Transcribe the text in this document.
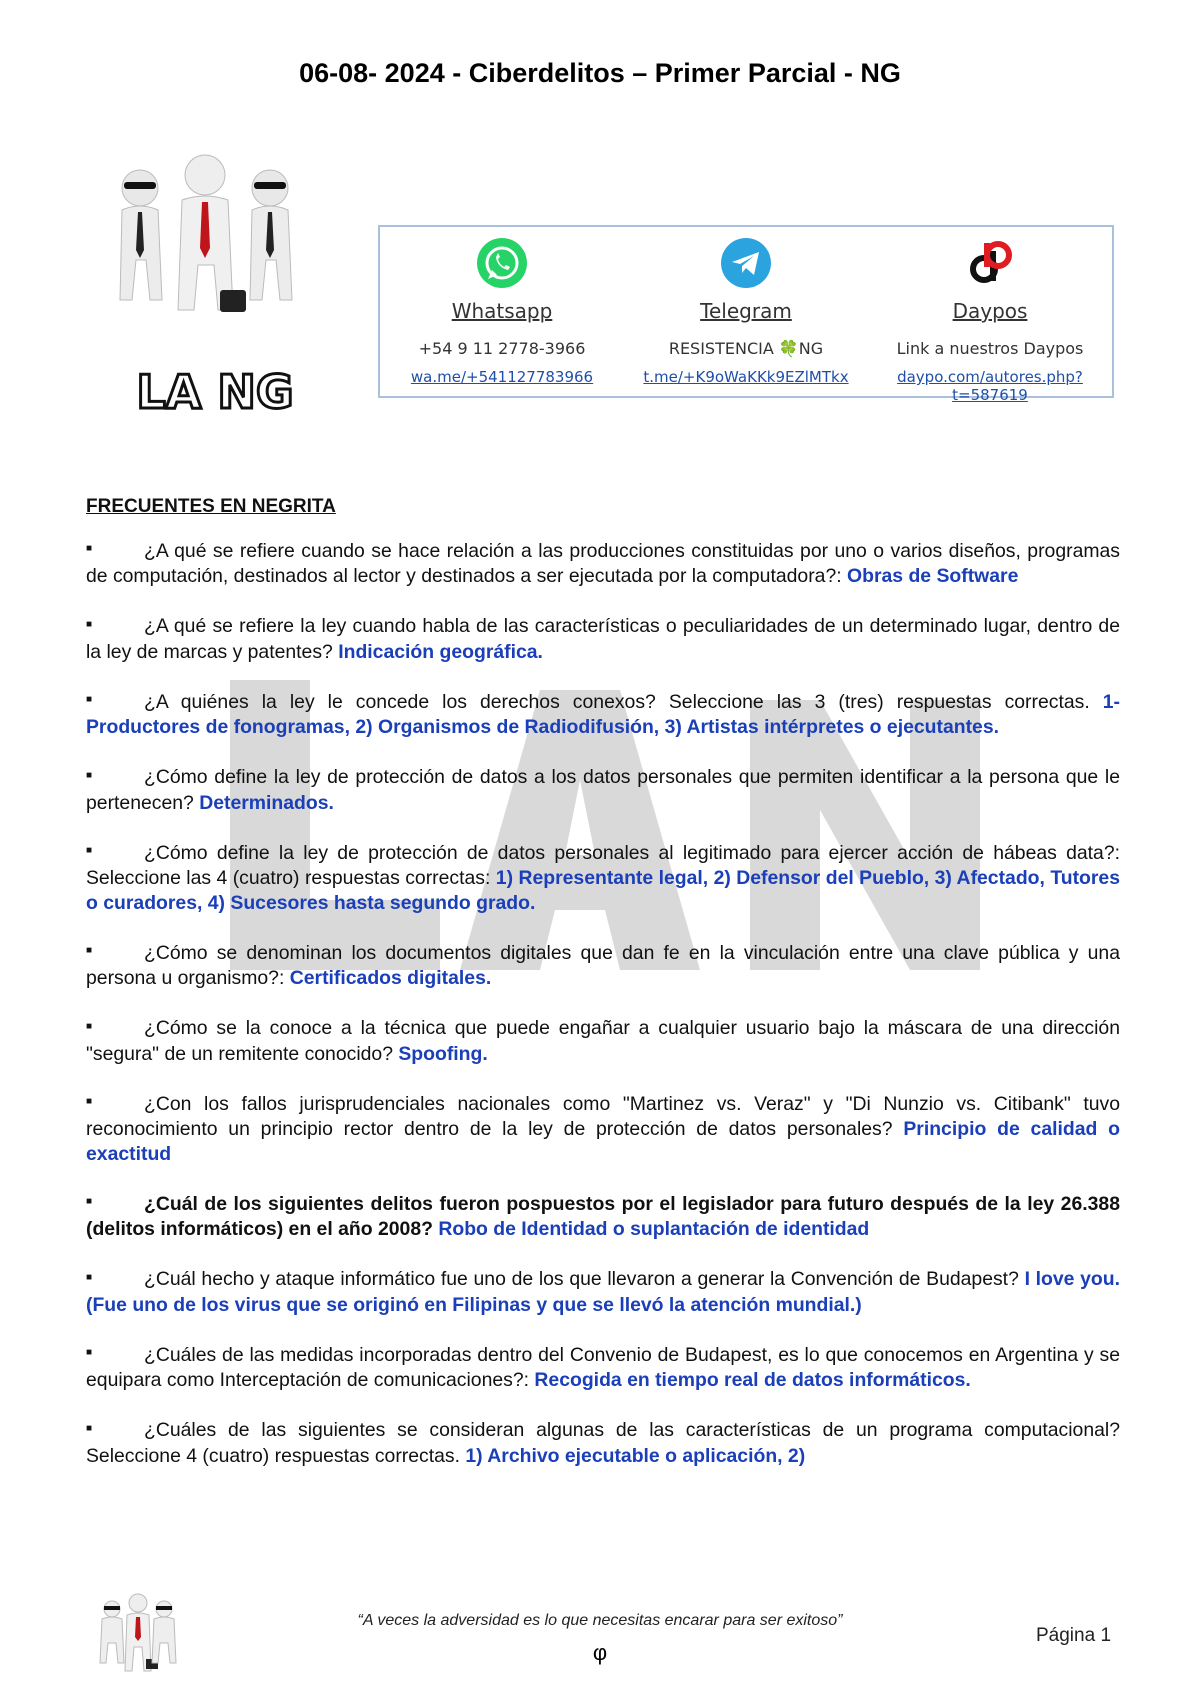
06-08- 2024 - Ciberdelitos – Primer Parcial - NG
LA NG
Whatsapp
+54 9 11 2778-3966
wa.me/+541127783966
Telegram
RESISTENCIA 🍀NG
t.me/+K9oWaKKk9EZlMTkx
Daypos
Link a nuestros Daypos
daypo.com/autores.php?t=587619
FRECUENTES EN NEGRITA

■	¿A qué se refiere cuando se hace relación a las producciones constituidas por uno o varios diseños, programas de computación, destinados al lector y destinados a ser ejecutada por la computadora?: Obras de Software

■	¿A qué se refiere la ley cuando habla de las características o peculiaridades de un determinado lugar, dentro de la ley de marcas y patentes? Indicación geográfica.

■	¿A quiénes la ley le concede los derechos conexos? Seleccione las 3 (tres) respuestas correctas. 1- Productores de fonogramas, 2) Organismos de Radiodifusión, 3) Artistas intérpretes o ejecutantes.

■	¿Cómo define la ley de protección de datos a los datos personales que permiten identificar a la persona que le pertenecen? Determinados.

■	¿Cómo define la ley de protección de datos personales al legitimado para ejercer acción de hábeas data?: Seleccione las 4 (cuatro) respuestas correctas: 1) Representante legal, 2) Defensor del Pueblo, 3) Afectado, Tutores o curadores, 4) Sucesores hasta segundo grado.

■	¿Cómo se denominan los documentos digitales que dan fe en la vinculación entre una clave pública y una persona u organismo?: Certificados digitales.

■	¿Cómo se la conoce a la técnica que puede engañar a cualquier usuario bajo la máscara de una dirección "segura" de un remitente conocido? Spoofing.

■	¿Con los fallos jurisprudenciales nacionales como "Martinez vs. Veraz" y "Di Nunzio vs. Citibank" tuvo reconocimiento un principio rector dentro de la ley de protección de datos personales? Principio de calidad o exactitud

■	¿Cuál de los siguientes delitos fueron pospuestos por el legislador para futuro después de la ley 26.388 (delitos informáticos) en el año 2008? Robo de Identidad o suplantación de identidad

■	¿Cuál hecho y ataque informático fue uno de los que llevaron a generar la Convención de Budapest? I love you. (Fue uno de los virus que se originó en Filipinas y que se llevó la atención mundial.)

■	¿Cuáles de las medidas incorporadas dentro del Convenio de Budapest, es lo que conocemos en Argentina y se equipara como Interceptación de comunicaciones?: Recogida en tiempo real de datos informáticos.

■	¿Cuáles de las siguientes se consideran algunas de las características de un programa computacional? Seleccione 4 (cuatro) respuestas correctas. 1) Archivo ejecutable o aplicación, 2)

“A veces la adversidad es lo que necesitas encarar para ser exitoso”
φ
Página 1
